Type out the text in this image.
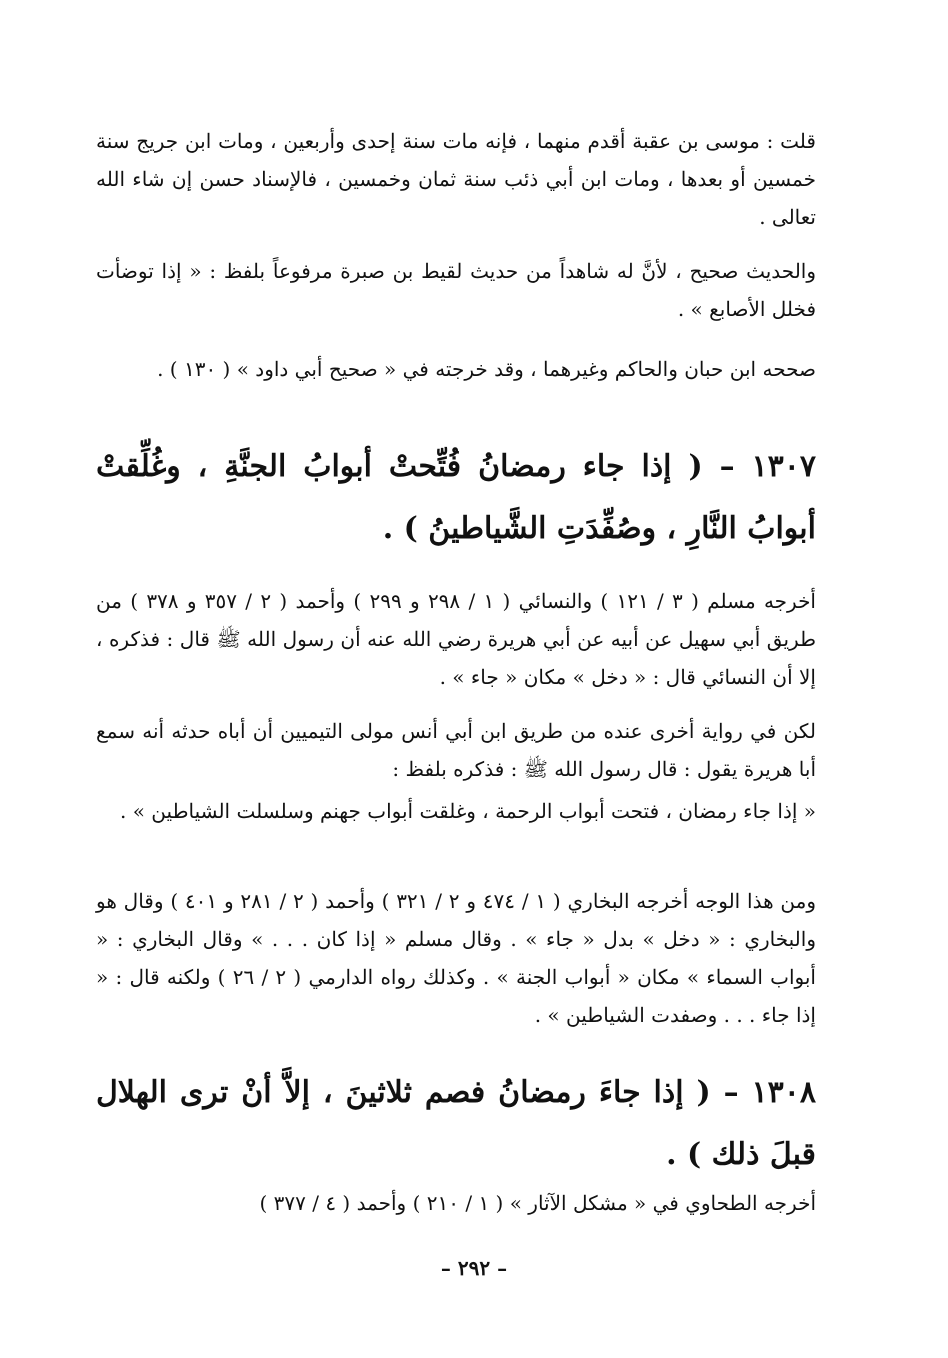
قلت : موسى بن عقبة أقدم منهما ، فإنه مات سنة إحدى وأربعين ، ومات ابن جريج سنة خمسين أو بعدها ، ومات ابن أبي ذئب سنة ثمان وخمسين ، فالإسناد حسن إن شاء الله تعالى .

والحديث صحيح ، لأنَّ له شاهداً من حديث لقيط بن صبرة مرفوعاً بلفظ : « إذا توضأت فخلل الأصابع » .

صححه ابن حبان والحاكم وغيرهما ، وقد خرجته في « صحيح أبي داود » ( ١٣٠ ) .

١٣٠٧ – ( إذا جاء رمضانُ فُتِّحتْ أبوابُ الجنَّةِ ، وغُلِّقتْ أبوابُ النَّارِ ، وصُفِّدَتِ الشَّياطينُ ) .

أخرجه مسلم ( ٣ / ١٢١ ) والنسائي ( ١ / ٢٩٨ و ٢٩٩ ) وأحمد ( ٢ / ٣٥٧ و ٣٧٨ ) من طريق أبي سهيل عن أبيه عن أبي هريرة رضي الله عنه أن رسول الله ﷺ قال : فذكره ، إلا أن النسائي قال : « دخل » مكان « جاء » .

لكن في رواية أخرى عنده من طريق ابن أبي أنس مولى التيميين أن أباه حدثه أنه سمع أبا هريرة يقول : قال رسول الله ﷺ : فذكره بلفظ :

« إذا جاء رمضان ، فتحت أبواب الرحمة ، وغلقت أبواب جهنم وسلسلت الشياطين » .

ومن هذا الوجه أخرجه البخاري ( ١ / ٤٧٤ و ٢ / ٣٢١ ) وأحمد ( ٢ / ٢٨١ و ٤٠١ ) وقال هو والبخاري : « دخل » بدل « جاء » . وقال مسلم « إذا كان . . . » وقال البخاري : « أبواب السماء » مكان « أبواب الجنة » . وكذلك رواه الدارمي ( ٢ / ٢٦ ) ولكنه قال : « إذا جاء . . . وصفدت الشياطين » .

١٣٠٨ – ( إذا جاءَ رمضانُ فصم ثلاثينَ ، إلاَّ أنْ ترى الهلال قبلَ ذلك ) .

أخرجه الطحاوي في « مشكل الآثار » ( ١ / ٢١٠ ) وأحمد ( ٤ / ٣٧٧ )

– ٢٩٢ –
